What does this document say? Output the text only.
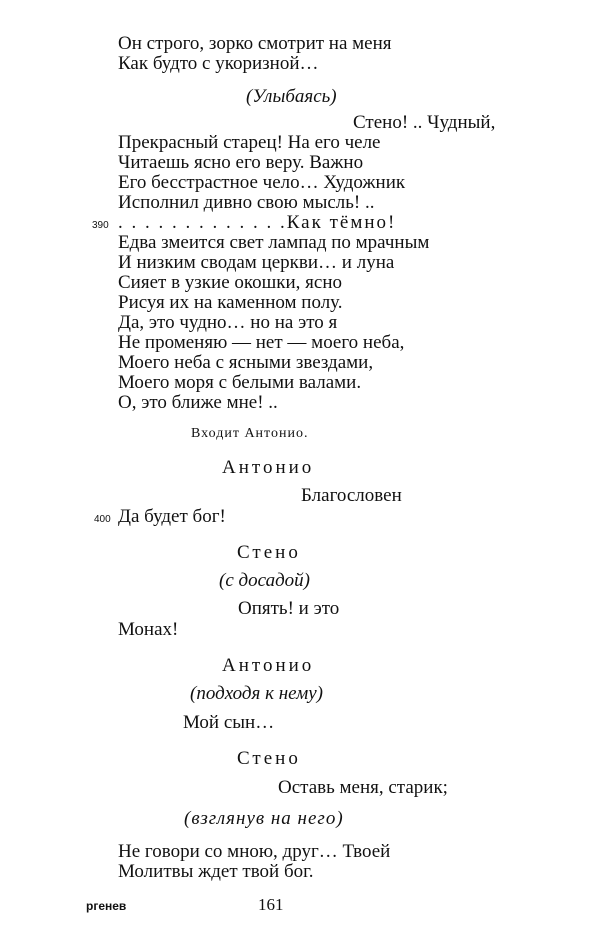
Он строго, зорко смотрит на меня
Как будто с укоризной…
(Улыбаясь)
Стено! .. Чудный,
Прекрасный старец! На его челе
Читаешь ясно его веру. Важно
Его бесстрастное чело… Художник
Исполнил дивно свою мысль! ..
390 . . . . . . . . . . . . .Как тёмно!
Едва змеится свет лампад по мрачным
И низким сводам церкви… и луна
Сияет в узкие окошки, ясно
Рисуя их на каменном полу.
Да, это чудно… но на это я
Не променяю — нет — моего неба,
Моего неба с ясными звездами,
Моего моря с белыми валами.
О, это ближе мне! ..
Входит Антонио.
Антонио
Благословен
400 Да будет бог!
Стено
(с досадой)
Опять! и это
Монах!
Антонио
(подходя к нему)
Мой сын…
Стено
Оставь меня, старик;
(взглянув на него)
Не говори со мною, друг… Твоей
Молитвы ждет твой бог.
ргенев	161
